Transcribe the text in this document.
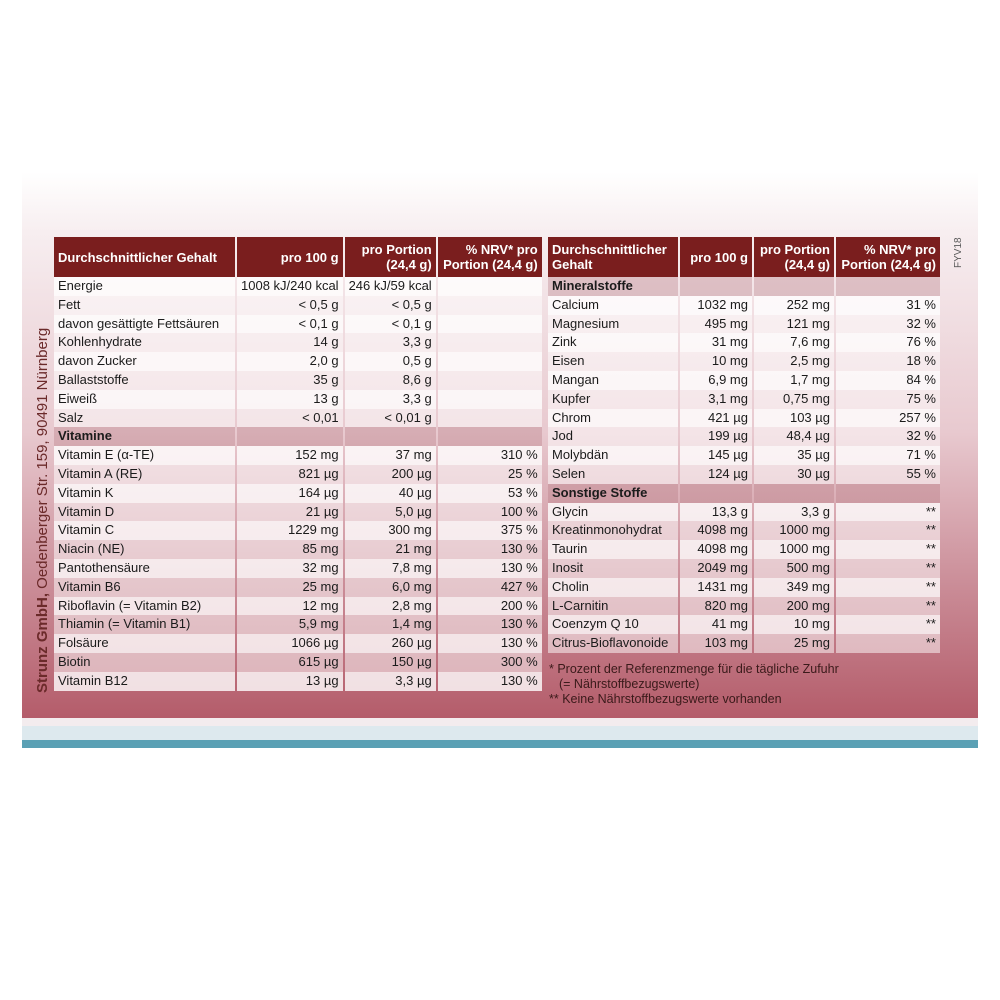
Strunz GmbH, Oedenberger Str. 159, 90491 Nürnberg
FYV18
Durchschnittlicher Gehalt	pro 100 g	pro Portion (24,4 g)	% NRV* pro Portion (24,4 g)
Energie	1008 kJ/240 kcal	246 kJ/59 kcal	
Fett	< 0,5 g	< 0,5 g	
davon gesättigte Fettsäuren	< 0,1 g	< 0,1 g	
Kohlenhydrate	14 g	3,3 g	
davon Zucker	2,0 g	0,5 g	
Ballaststoffe	35 g	8,6 g	
Eiweiß	13 g	3,3 g	
Salz	< 0,01	< 0,01 g	
Vitamine			
Vitamin E (α-TE)	152 mg	37 mg	310 %
Vitamin A (RE)	821 µg	200 µg	25 %
Vitamin K	164 µg	40 µg	53 %
Vitamin D	21 µg	5,0 µg	100 %
Vitamin C	1229 mg	300 mg	375 %
Niacin (NE)	85 mg	21 mg	130 %
Pantothensäure	32 mg	7,8 mg	130 %
Vitamin B6	25 mg	6,0 mg	427 %
Riboflavin (= Vitamin B2)	12 mg	2,8 mg	200 %
Thiamin (= Vitamin B1)	5,9 mg	1,4 mg	130 %
Folsäure	1066 µg	260 µg	130 %
Biotin	615 µg	150 µg	300 %
Vitamin B12	13 µg	3,3 µg	130 %
Durchschnittlicher Gehalt	pro 100 g	pro Portion (24,4 g)	% NRV* pro Portion (24,4 g)
Mineralstoffe			
Calcium	1032 mg	252 mg	31 %
Magnesium	495 mg	121 mg	32 %
Zink	31 mg	7,6 mg	76 %
Eisen	10 mg	2,5 mg	18 %
Mangan	6,9 mg	1,7 mg	84 %
Kupfer	3,1 mg	0,75 mg	75 %
Chrom	421 µg	103 µg	257 %
Jod	199 µg	48,4 µg	32 %
Molybdän	145 µg	35 µg	71 %
Selen	124 µg	30 µg	55 %
Sonstige Stoffe			
Glycin	13,3 g	3,3 g	**
Kreatinmonohydrat	4098 mg	1000 mg	**
Taurin	4098 mg	1000 mg	**
Inosit	2049 mg	500 mg	**
Cholin	1431 mg	349 mg	**
L-Carnitin	820 mg	200 mg	**
Coenzym Q 10	41 mg	10 mg	**
Citrus-Bioflavonoide	103 mg	25 mg	**
* Prozent der Referenzmenge für die tägliche Zufuhr
(= Nährstoffbezugswerte)
** Keine Nährstoffbezugswerte vorhanden
